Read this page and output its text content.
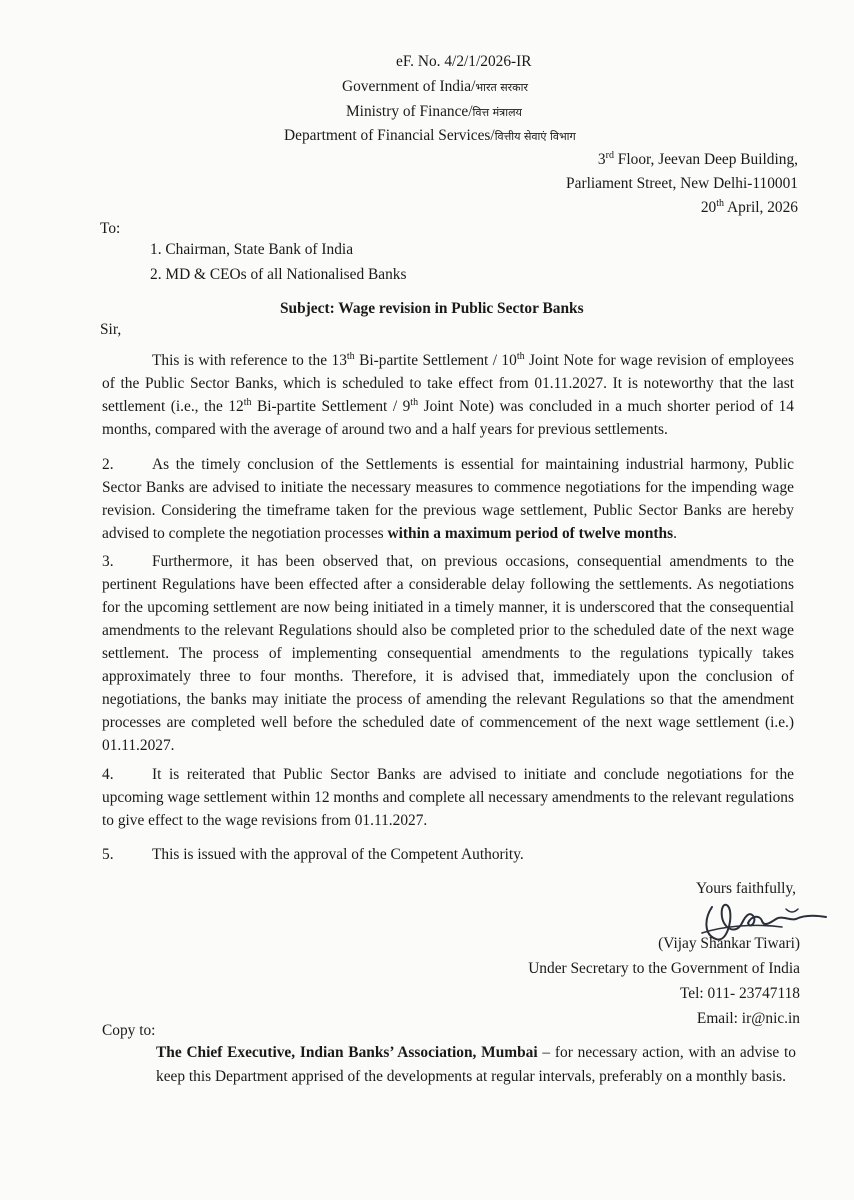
eF. No. 4/2/1/2026-IR
Government of India/भारत सरकार
Ministry of Finance/वित्त मंत्रालय
Department of Financial Services/वित्तीय सेवाएं विभाग
3rd Floor, Jeevan Deep Building,
Parliament Street, New Delhi-110001
20th April, 2026
To:
1. Chairman, State Bank of India
2. MD & CEOs of all Nationalised Banks
Subject: Wage revision in Public Sector Banks
Sir,
This is with reference to the 13th Bi-partite Settlement / 10th Joint Note for wage revision of employees of the Public Sector Banks, which is scheduled to take effect from 01.11.2027. It is noteworthy that the last settlement (i.e., the 12th Bi-partite Settlement / 9th Joint Note) was concluded in a much shorter period of 14 months, compared with the average of around two and a half years for previous settlements.
2. As the timely conclusion of the Settlements is essential for maintaining industrial harmony, Public Sector Banks are advised to initiate the necessary measures to commence negotiations for the impending wage revision. Considering the timeframe taken for the previous wage settlement, Public Sector Banks are hereby advised to complete the negotiation processes within a maximum period of twelve months.
3. Furthermore, it has been observed that, on previous occasions, consequential amendments to the pertinent Regulations have been effected after a considerable delay following the settlements. As negotiations for the upcoming settlement are now being initiated in a timely manner, it is underscored that the consequential amendments to the relevant Regulations should also be completed prior to the scheduled date of the next wage settlement. The process of implementing consequential amendments to the regulations typically takes approximately three to four months. Therefore, it is advised that, immediately upon the conclusion of negotiations, the banks may initiate the process of amending the relevant Regulations so that the amendment processes are completed well before the scheduled date of commencement of the next wage settlement (i.e.) 01.11.2027.
4. It is reiterated that Public Sector Banks are advised to initiate and conclude negotiations for the upcoming wage settlement within 12 months and complete all necessary amendments to the relevant regulations to give effect to the wage revisions from 01.11.2027.
5. This is issued with the approval of the Competent Authority.
Yours faithfully,
(Vijay Shankar Tiwari)
Under Secretary to the Government of India
Tel: 011- 23747118
Email: ir@nic.in
Copy to:
The Chief Executive, Indian Banks’ Association, Mumbai – for necessary action, with an advise to keep this Department apprised of the developments at regular intervals, preferably on a monthly basis.
